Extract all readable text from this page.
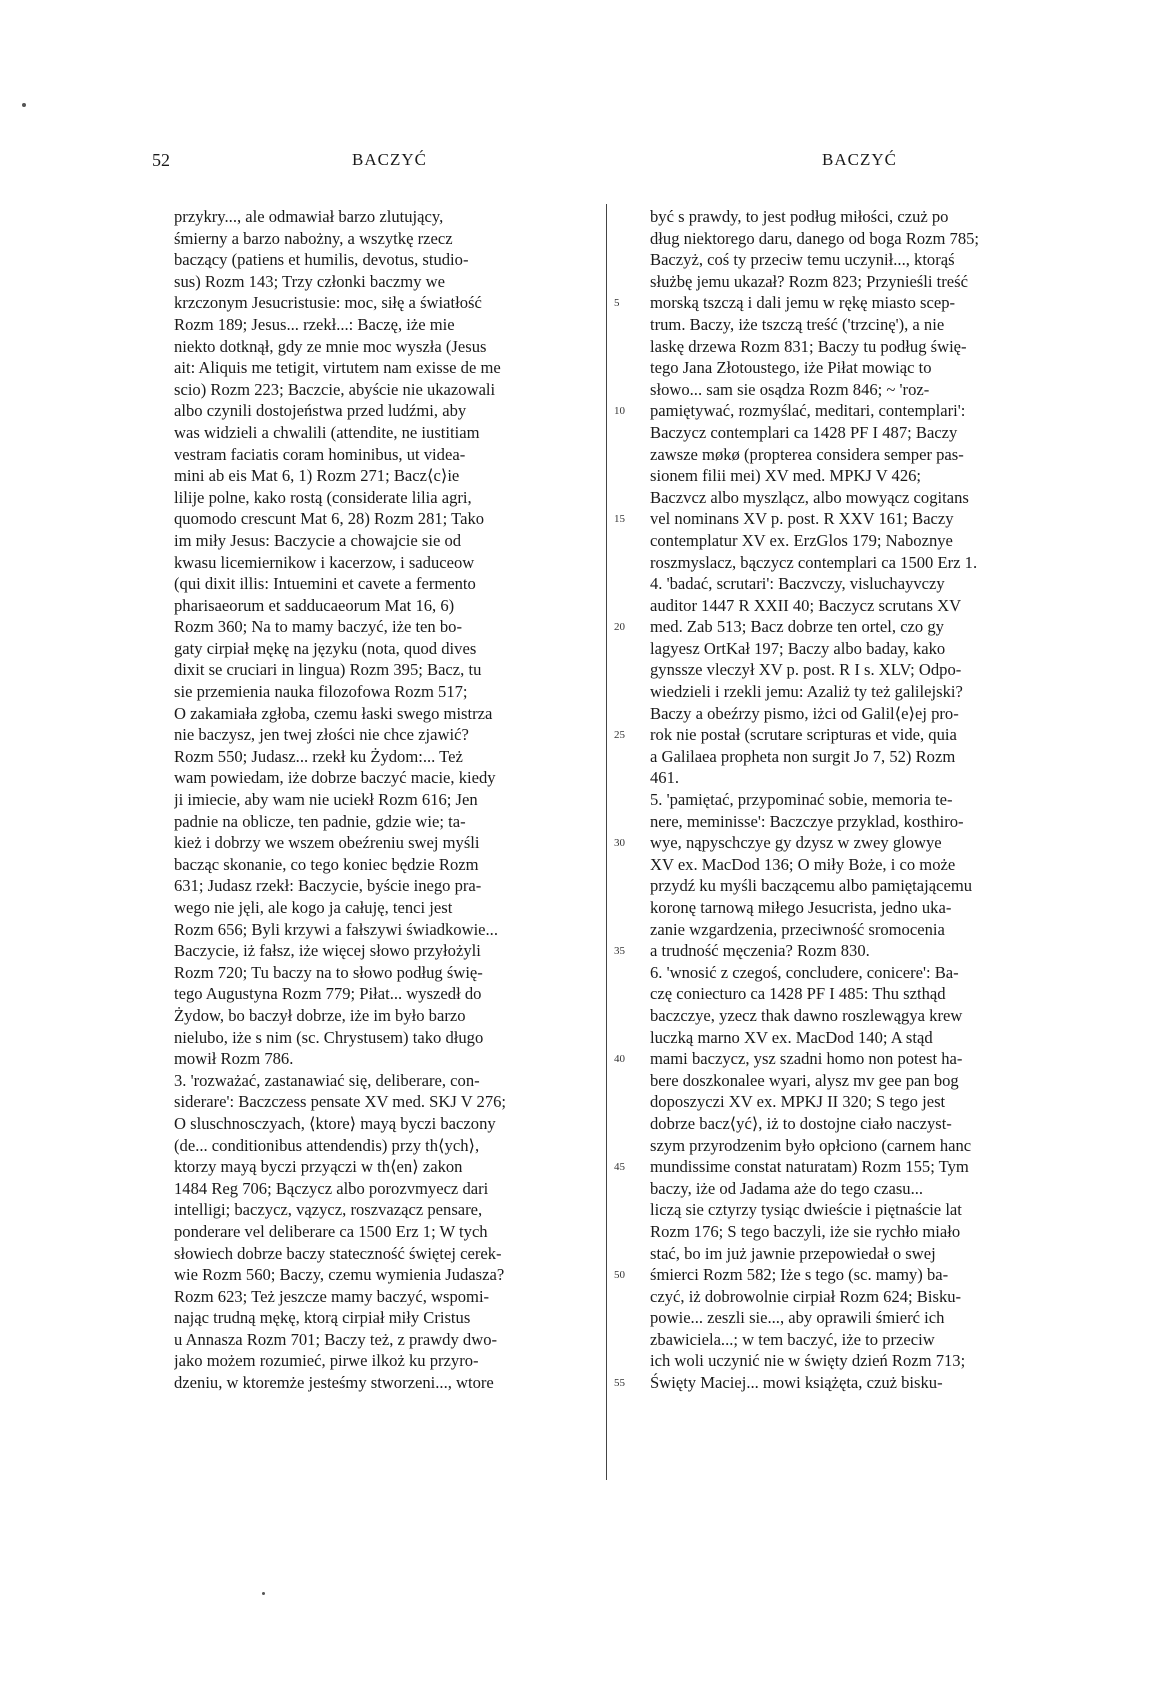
52	BACZYĆ	BACZYĆ
przykry..., ale odmawiał barzo zlutujący,
śmierny a barzo nabożny, a wszytkę rzecz
baczący (patiens et humilis, devotus, studio-
sus) Rozm 143; Trzy członki baczmy we
krzczonym Jesucristusie: moc, siłę a światłość
Rozm 189; Jesus... rzekł...: Baczę, iże mie
niekto dotknął, gdy ze mnie moc wyszła (Jesus
ait: Aliquis me tetigit, virtutem nam exisse de me
scio) Rozm 223; Baczcie, abyście nie ukazowali
albo czynili dostojeństwa przed ludźmi, aby
was widzieli a chwalili (attendite, ne iustitiam
vestram faciatis coram hominibus, ut videa-
mini ab eis Mat 6, 1) Rozm 271; Bacz⟨c⟩ie
lilije polne, kako rostą (considerate lilia agri,
quomodo crescunt Mat 6, 28) Rozm 281; Tako
im miły Jesus: Baczycie a chowajcie sie od
kwasu licemiernikow i kacerzow, i saduceow
(qui dixit illis: Intuemini et cavete a fermento
pharisaeorum et sadducaeorum Mat 16, 6)
Rozm 360; Na to mamy baczyć, iże ten bo-
gaty cirpiał mękę na języku (nota, quod dives
dixit se cruciari in lingua) Rozm 395; Bacz, tu
sie przemienia nauka filozofowa Rozm 517;
O zakamiała zgłoba, czemu łaski swego mistrza
nie baczysz, jen twej złości nie chce zjawić?
Rozm 550; Judasz... rzekł ku Żydom:... Też
wam powiedam, iże dobrze baczyć macie, kiedy
ji imiecie, aby wam nie uciekł Rozm 616; Jen
padnie na oblicze, ten padnie, gdzie wie; ta-
kież i dobrzy we wszem obeźreniu swej myśli
bacząc skonanie, co tego koniec będzie Rozm
631; Judasz rzekł: Baczycie, byście inego pra-
wego nie jęli, ale kogo ja całuję, tenci jest
Rozm 656; Byli krzywi a fałszywi świadkowie...
Baczycie, iż fałsz, iże więcej słowo przyłożyli
Rozm 720; Tu baczy na to słowo podług świę-
tego Augustyna Rozm 779; Piłat... wyszedł do
Żydow, bo baczył dobrze, iże im było barzo
nielubo, iże s nim (sc. Chrystusem) tako długo
mowił Rozm 786.
3. 'rozważać, zastanawiać się, deliberare, con-
siderare': Baczczess pensate XV med. SKJ V 276;
O sluschnosczyach, ⟨ktore⟩ mayą byczi baczony
(de... conditionibus attendendis) przy th⟨ych⟩,
ktorzy mayą byczi przyączi w th⟨en⟩ zakon
1484 Reg 706; Bączycz albo porozvmyecz dari
intelligi; baczycz, vązycz, roszvazącz pensare,
ponderare vel deliberare ca 1500 Erz 1; W tych
słowiech dobrze baczy stateczność świętej cerek-
wie Rozm 560; Baczy, czemu wymienia Judasza?
Rozm 623; Też jeszcze mamy baczyć, wspomi-
nając trudną mękę, ktorą cirpiał miły Cristus
u Annasza Rozm 701; Baczy też, z prawdy dwo-
jako możem rozumieć, pirwe ilkoż ku przyro-
dzeniu, w ktoremże jesteśmy stworzeni..., wtore
5
10
15
20
25
30
35
40
45
50
55
być s prawdy, to jest podług miłości, czuż po
dług niektorego daru, danego od boga Rozm 785;
Baczyż, coś ty przeciw temu uczynił..., ktorąś
służbę jemu ukazał? Rozm 823; Przynieśli treść
morską tszczą i dali jemu w rękę miasto scep-
trum. Baczy, iże tszczą treść ('trzcinę'), a nie
laskę drzewa Rozm 831; Baczy tu podług świę-
tego Jana Złotoustego, iże Piłat mowiąc to
słowo... sam sie osądza Rozm 846; ~ 'roz-
pamiętywać, rozmyślać, meditari, contemplari':
Baczycz contemplari ca 1428 PF I 487; Baczy
zawsze møkø (propterea considera semper pas-
sionem filii mei) XV med. MPKJ V 426;
Baczvcz albo myszlącz, albo mowyącz cogitans
vel nominans XV p. post. R XXV 161; Baczy
contemplatur XV ex. ErzGlos 179; Naboznye
roszmyslacz, bączycz contemplari ca 1500 Erz 1.
4. 'badać, scrutari': Baczvczy, visluchayvczy
auditor 1447 R XXII 40; Baczycz scrutans XV
med. Zab 513; Bacz dobrze ten ortel, czo gy
lagyesz OrtKał 197; Baczy albo baday, kako
gynssze vleczył XV p. post. R I s. XLV; Odpo-
wiedzieli i rzekli jemu: Azaliż ty też galilejski?
Baczy a obeźrzy pismo, iżci od Galil⟨e⟩ej pro-
rok nie postał (scrutare scripturas et vide, quia
a Galilaea propheta non surgit Jo 7, 52) Rozm
461.
5. 'pamiętać, przypominać sobie, memoria te-
nere, meminisse': Baczczye przyklad, kosthiro-
wye, nąpyschczye gy dzysz w zwey glowye
XV ex. MacDod 136; O miły Boże, i co może
przydź ku myśli baczącemu albo pamiętającemu
koronę tarnową miłego Jesucrista, jedno uka-
zanie wzgardzenia, przeciwność sromocenia
a trudność męczenia? Rozm 830.
6. 'wnosić z czegoś, concludere, conicere': Ba-
czę coniecturo ca 1428 PF I 485: Thu szthąd
baczczye, yzecz thak dawno roszlewągya krew
luczką marno XV ex. MacDod 140; A stąd
mami baczycz, ysz szadni homo non potest ha-
bere doszkonalee wyari, alysz mv gee pan bog
doposzyczi XV ex. MPKJ II 320; S tego jest
dobrze bacz⟨yć⟩, iż to dostojne ciało naczyst-
szym przyrodzenim było opłciono (carnem hanc
mundissime constat naturatam) Rozm 155; Tym
baczy, iże od Jadama aże do tego czasu...
liczą sie cztyrzy tysiąc dwieście i piętnaście lat
Rozm 176; S tego baczyli, iże sie rychło miało
stać, bo im już jawnie przepowiedał o swej
śmierci Rozm 582; Iże s tego (sc. mamy) ba-
czyć, iż dobrowolnie cirpiał Rozm 624; Bisku-
powie... zeszli sie..., aby oprawili śmierć ich
zbawiciela...; w tem baczyć, iże to przeciw
ich woli uczynić nie w święty dzień Rozm 713;
Święty Maciej... mowi książęta, czuż bisku-
